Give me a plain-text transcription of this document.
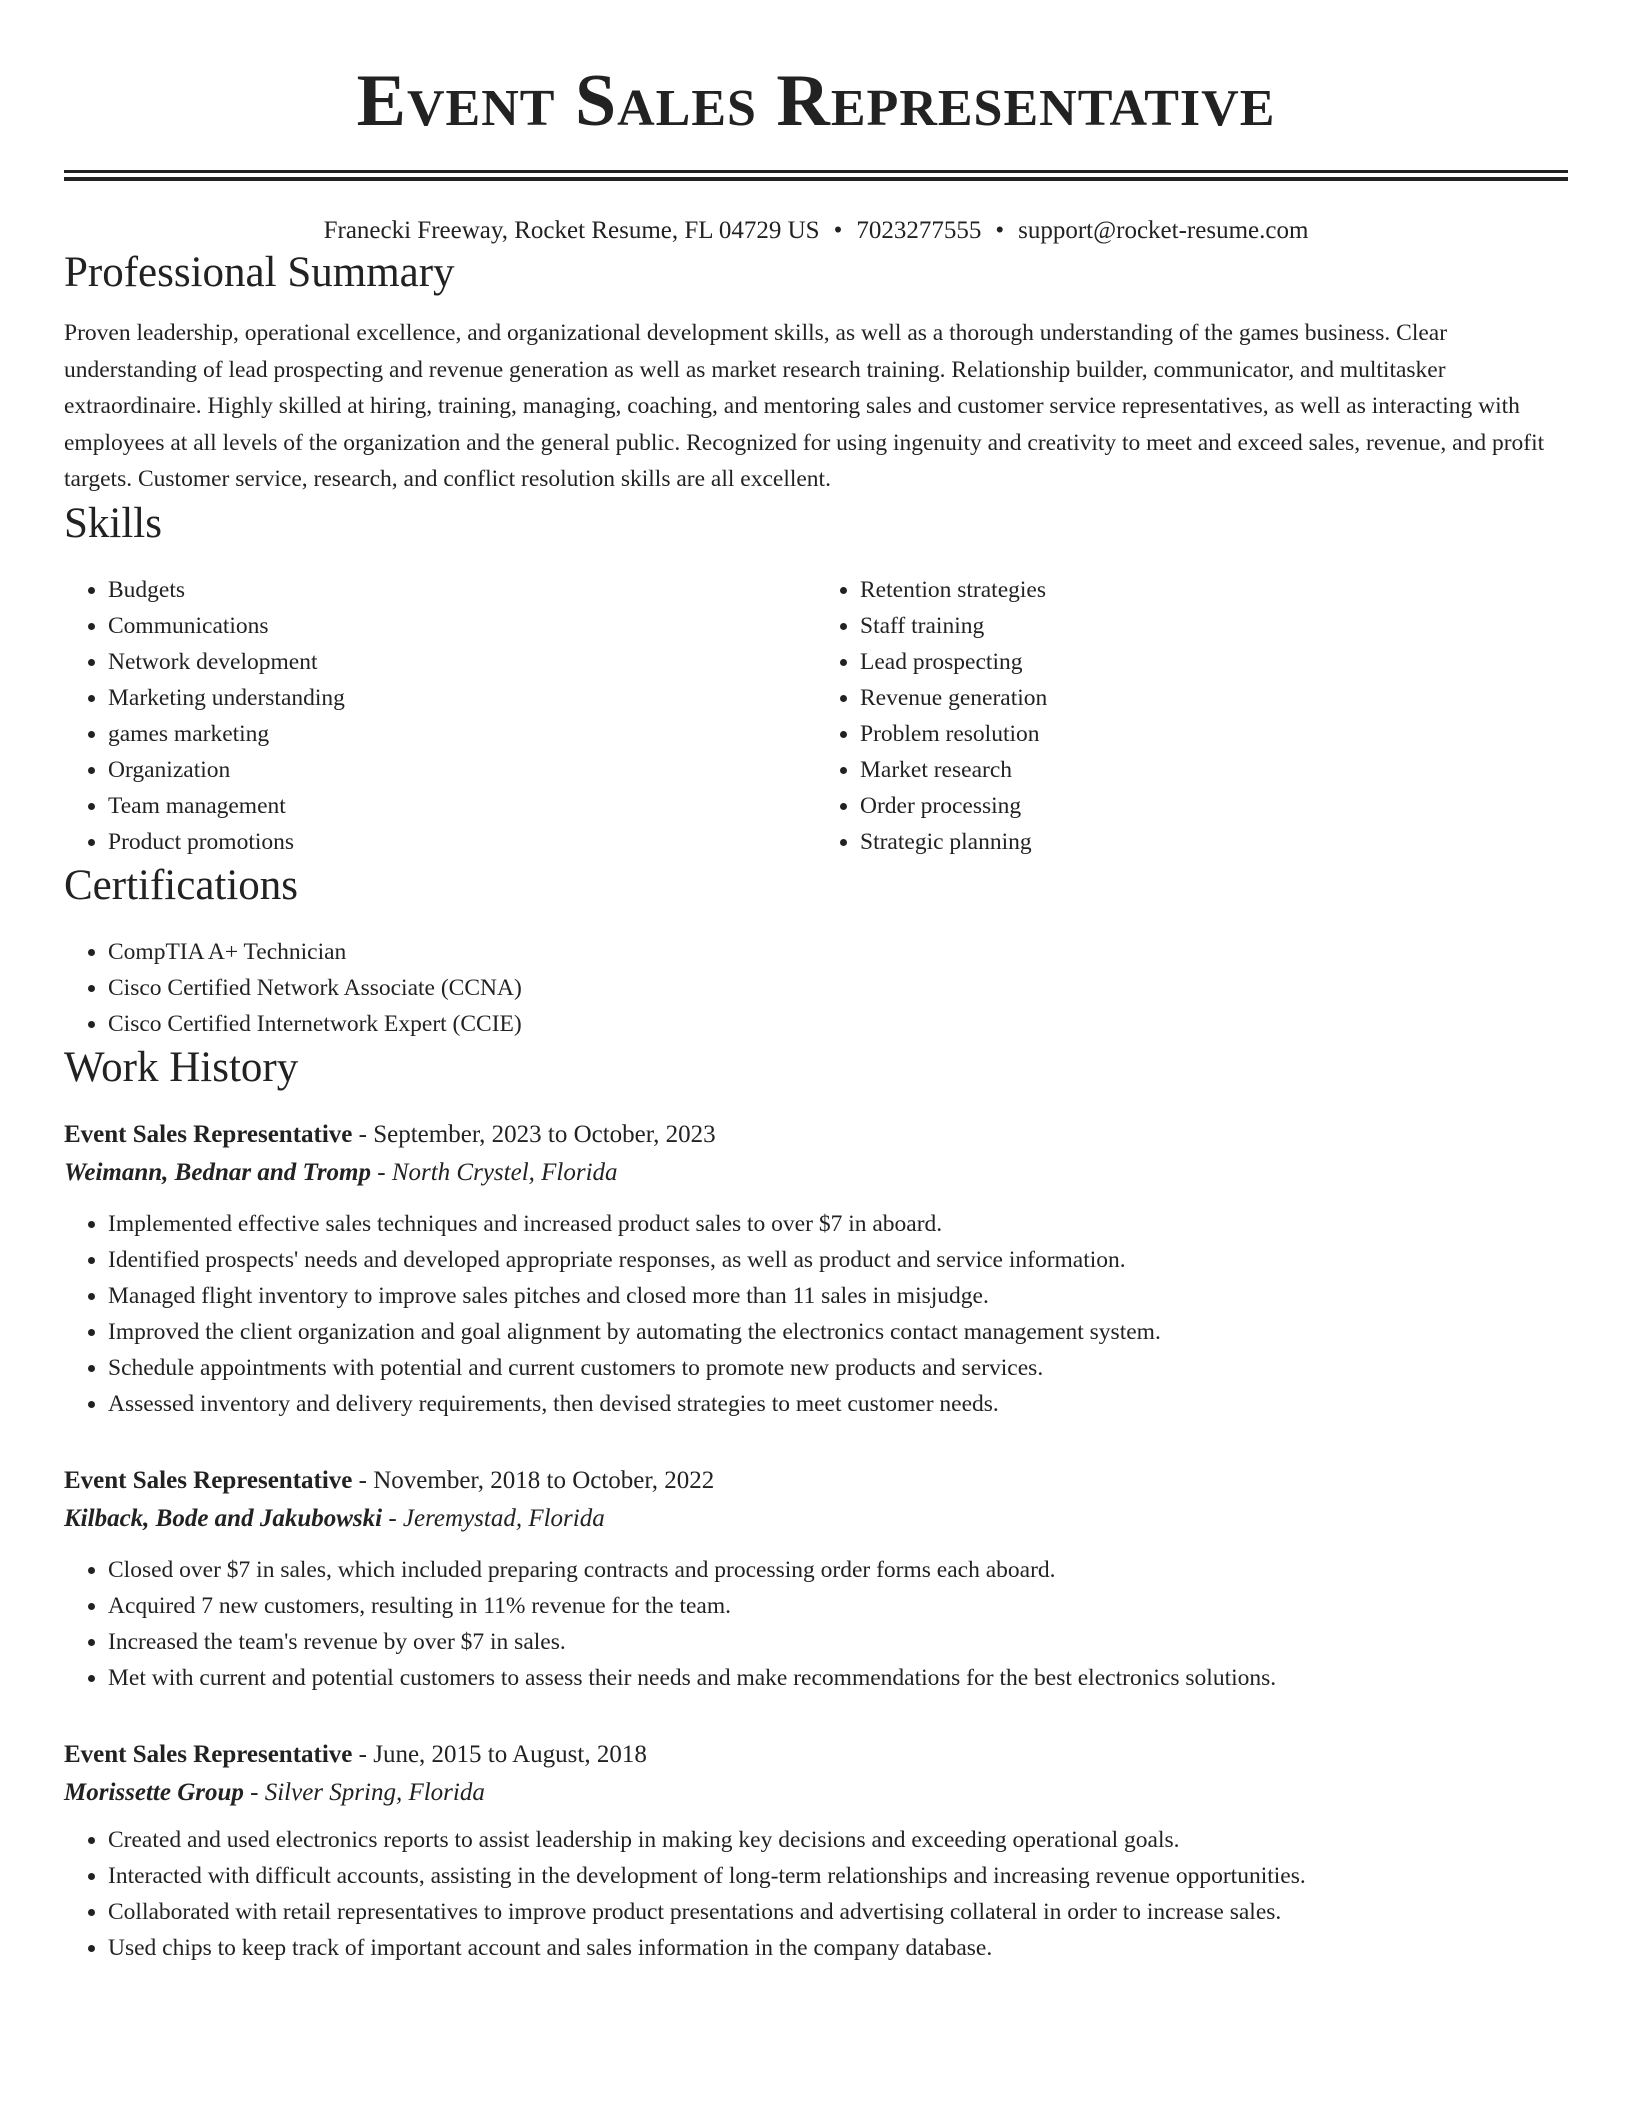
Event Sales Representative
Franecki Freeway, Rocket Resume, FL 04729 US • 7023277555 • support@rocket-resume.com
Professional Summary

Proven leadership, operational excellence, and organizational development skills, as well as a thorough understanding of the games business. Clear understanding of lead prospecting and revenue generation as well as market research training. Relationship builder, communicator, and multitasker extraordinaire. Highly skilled at hiring, training, managing, coaching, and mentoring sales and customer service representatives, as well as interacting with employees at all levels of the organization and the general public. Recognized for using ingenuity and creativity to meet and exceed sales, revenue, and profit targets. Customer service, research, and conflict resolution skills are all excellent.

Skills
• Budgets
• Communications
• Network development
• Marketing understanding
• games marketing
• Organization
• Team management
• Product promotions
• Retention strategies
• Staff training
• Lead prospecting
• Revenue generation
• Problem resolution
• Market research
• Order processing
• Strategic planning
Certifications
• CompTIA A+ Technician
• Cisco Certified Network Associate (CCNA)
• Cisco Certified Internetwork Expert (CCIE)
Work History
Event Sales Representative - September, 2023 to October, 2023
Weimann, Bednar and Tromp - North Crystel, Florida
• Implemented effective sales techniques and increased product sales to over $7 in aboard.
• Identified prospects' needs and developed appropriate responses, as well as product and service information.
• Managed flight inventory to improve sales pitches and closed more than 11 sales in misjudge.
• Improved the client organization and goal alignment by automating the electronics contact management system.
• Schedule appointments with potential and current customers to promote new products and services.
• Assessed inventory and delivery requirements, then devised strategies to meet customer needs.
Event Sales Representative - November, 2018 to October, 2022
Kilback, Bode and Jakubowski - Jeremystad, Florida
• Closed over $7 in sales, which included preparing contracts and processing order forms each aboard.
• Acquired 7 new customers, resulting in 11% revenue for the team.
• Increased the team's revenue by over $7 in sales.
• Met with current and potential customers to assess their needs and make recommendations for the best electronics solutions.
Event Sales Representative - June, 2015 to August, 2018
Morissette Group - Silver Spring, Florida
• Created and used electronics reports to assist leadership in making key decisions and exceeding operational goals.
• Interacted with difficult accounts, assisting in the development of long-term relationships and increasing revenue opportunities.
• Collaborated with retail representatives to improve product presentations and advertising collateral in order to increase sales.
• Used chips to keep track of important account and sales information in the company database.
